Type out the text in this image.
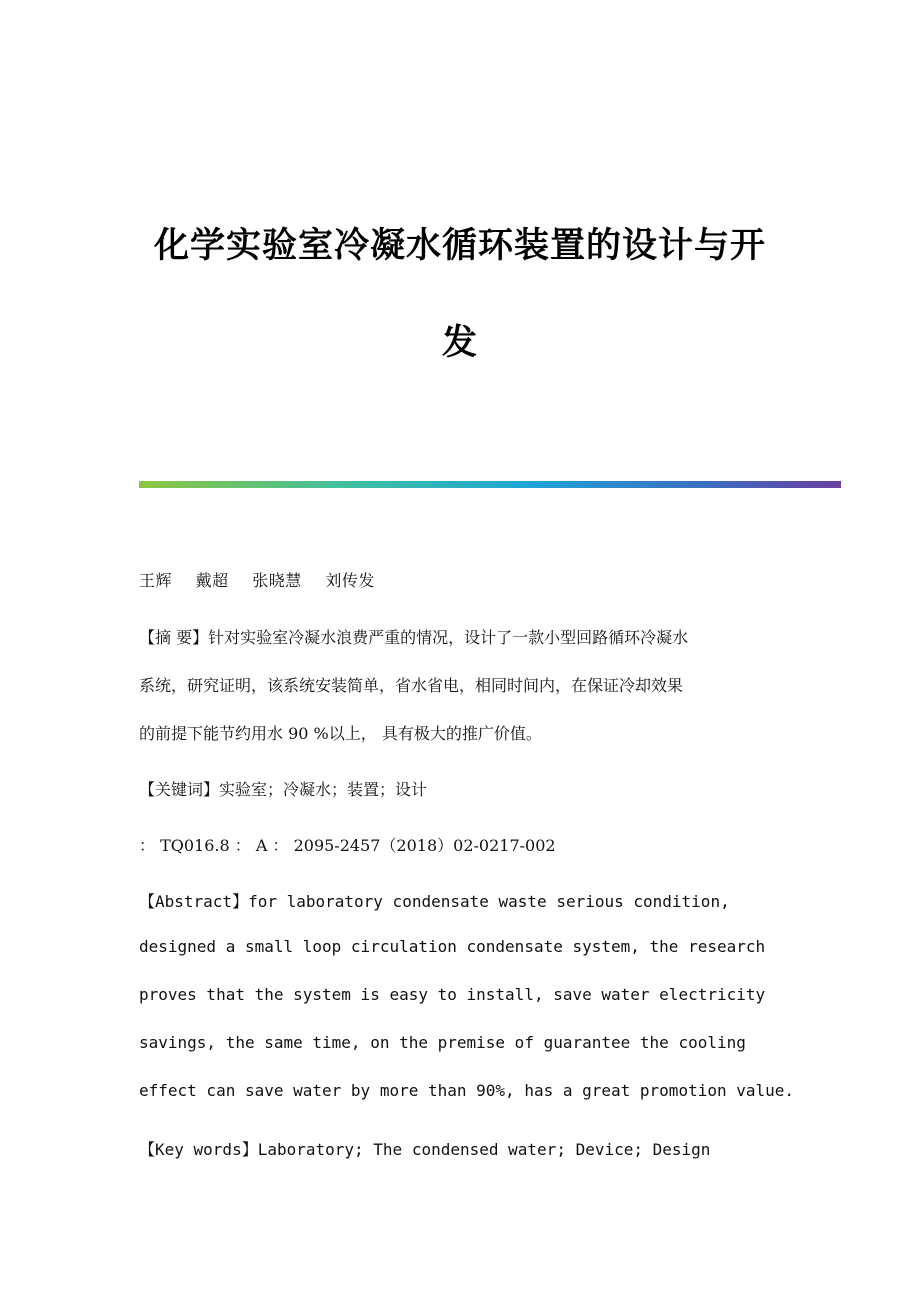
化学实验室冷凝水循环装置的设计与开
发
王辉 戴超 张晓慧 刘传发
【摘 要】针对实验室冷凝水浪费严重的情况，设计了一款小型回路循环冷凝水
系统，研究证明，该系统安装简单，省水省电，相同时间内，在保证冷却效果
的前提下能节约用水 90 %以上， 具有极大的推广价值。
【关键词】实验室；冷凝水；装置；设计
： TQ016.8 ： A ： 2095-2457（2018）02-0217-002
【Abstract】for laboratory condensate waste serious condition,
designed a small loop circulation condensate system, the research
proves that the system is easy to install, save water electricity
savings, the same time, on the premise of guarantee the cooling
effect can save water by more than 90%, has a great promotion value.
【Key words】Laboratory; The condensed water; Device; Design
